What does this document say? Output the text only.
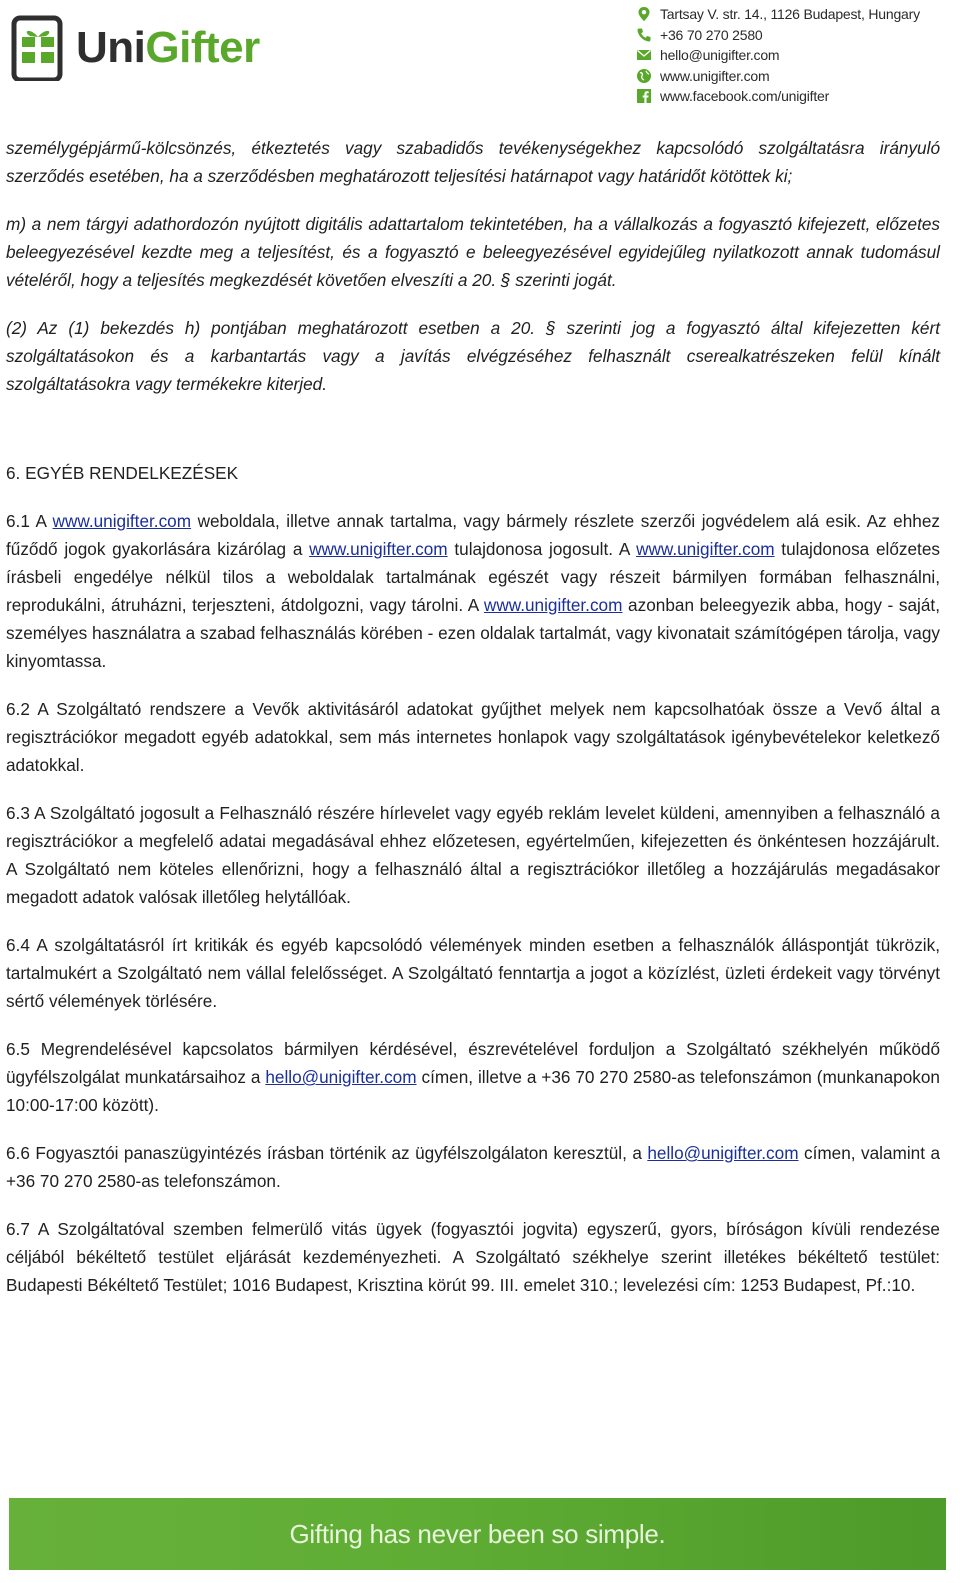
UniGifter
Tartsay V. str. 14., 1126 Budapest, Hungary
+36 70 270 2580
hello@unigifter.com
www.unigifter.com
www.facebook.com/unigifter

személygépjármű-kölcsönzés, étkeztetés vagy szabadidős tevékenységekhez kapcsolódó szolgáltatásra irányuló szerződés esetében, ha a szerződésben meghatározott teljesítési határnapot vagy határidőt kötöttek ki;

m) a nem tárgyi adathordozón nyújtott digitális adattartalom tekintetében, ha a vállalkozás a fogyasztó kifejezett, előzetes beleegyezésével kezdte meg a teljesítést, és a fogyasztó e beleegyezésével egyidejűleg nyilatkozott annak tudomásul vételéről, hogy a teljesítés megkezdését követően elveszíti a 20. § szerinti jogát.

(2) Az (1) bekezdés h) pontjában meghatározott esetben a 20. § szerinti jog a fogyasztó által kifejezetten kért szolgáltatásokon és a karbantartás vagy a javítás elvégzéséhez felhasznált cserealkatrészeken felül kínált szolgáltatásokra vagy termékekre kiterjed.

6. EGYÉB RENDELKEZÉSEK

6.1 A www.unigifter.com weboldala, illetve annak tartalma, vagy bármely részlete szerzői jogvédelem alá esik. Az ehhez fűződő jogok gyakorlására kizárólag a www.unigifter.com tulajdonosa jogosult. A www.unigifter.com tulajdonosa előzetes írásbeli engedélye nélkül tilos a weboldalak tartalmának egészét vagy részeit bármilyen formában felhasználni, reprodukálni, átruházni, terjeszteni, átdolgozni, vagy tárolni. A www.unigifter.com azonban beleegyezik abba, hogy - saját, személyes használatra a szabad felhasználás körében - ezen oldalak tartalmát, vagy kivonatait számítógépen tárolja, vagy kinyomtassa.

6.2 A Szolgáltató rendszere a Vevők aktivitásáról adatokat gyűjthet melyek nem kapcsolhatóak össze a Vevő által a regisztrációkor megadott egyéb adatokkal, sem más internetes honlapok vagy szolgáltatások igénybevételekor keletkező adatokkal.

6.3 A Szolgáltató jogosult a Felhasználó részére hírlevelet vagy egyéb reklám levelet küldeni, amennyiben a felhasználó a regisztrációkor a megfelelő adatai megadásával ehhez előzetesen, egyértelműen, kifejezetten és önkéntesen hozzájárult. A Szolgáltató nem köteles ellenőrizni, hogy a felhasználó által a regisztrációkor illetőleg a hozzájárulás megadásakor megadott adatok valósak illetőleg helytállóak.

6.4 A szolgáltatásról írt kritikák és egyéb kapcsolódó vélemények minden esetben a felhasználók álláspontját tükrözik, tartalmukért a Szolgáltató nem vállal felelősséget. A Szolgáltató fenntartja a jogot a közízlést, üzleti érdekeit vagy törvényt sértő vélemények törlésére.

6.5 Megrendelésével kapcsolatos bármilyen kérdésével, észrevételével forduljon a Szolgáltató székhelyén működő ügyfélszolgálat munkatársaihoz a hello@unigifter.com címen, illetve a +36 70 270 2580-as telefonszámon (munkanapokon 10:00-17:00 között).

6.6 Fogyasztói panaszügyintézés írásban történik az ügyfélszolgálaton keresztül, a hello@unigifter.com címen, valamint a +36 70 270 2580-as telefonszámon.

6.7 A Szolgáltatóval szemben felmerülő vitás ügyek (fogyasztói jogvita) egyszerű, gyors, bíróságon kívüli rendezése céljából békéltető testület eljárását kezdeményezheti. A Szolgáltató székhelye szerint illetékes békéltető testület: Budapesti Békéltető Testület; 1016 Budapest, Krisztina körút 99. III. emelet 310.; levelezési cím: 1253 Budapest, Pf.:10.

Gifting has never been so simple.
